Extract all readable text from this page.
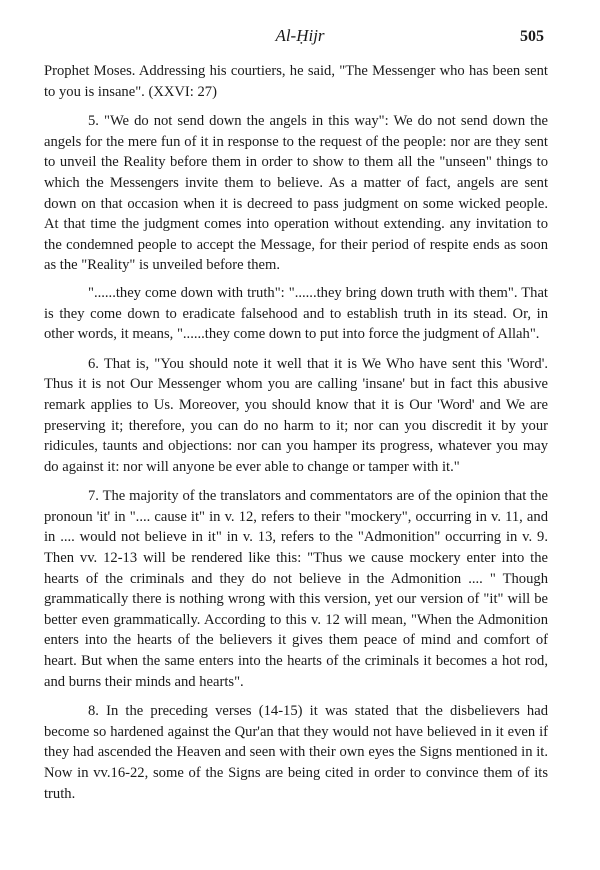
Al-Ḥijr	505

Prophet Moses. Addressing his courtiers, he said, "The Messenger who has been sent to you is insane". (XXVI: 27)

5. "We do not send down the angels in this way": We do not send down the angels for the mere fun of it in response to the request of the people: nor are they sent to unveil the Reality before them in order to show to them all the "unseen" things to which the Messengers invite them to believe. As a matter of fact, angels are sent down on that occasion when it is decreed to pass judgment on some wicked people. At that time the judgment comes into operation without extending. any invitation to the condemned people to accept the Message, for their period of respite ends as soon as the "Reality" is unveiled before them.

"......they come down with truth": "......they bring down truth with them". That is they come down to eradicate falsehood and to establish truth in its stead. Or, in other words, it means, "......they come down to put into force the judgment of Allah".

6. That is, "You should note it well that it is We Who have sent this 'Word'. Thus it is not Our Messenger whom you are calling 'insane' but in fact this abusive remark applies to Us. Moreover, you should know that it is Our 'Word' and We are preserving it; therefore, you can do no harm to it; nor can you discredit it by your ridicules, taunts and objections: nor can you hamper its progress, whatever you may do against it: nor will anyone be ever able to change or tamper with it."

7. The majority of the translators and commentators are of the opinion that the pronoun 'it' in ".... cause it" in v. 12, refers to their "mockery", occurring in v. 11, and in .... would not believe in it" in v. 13, refers to the "Admonition" occurring in v. 9. Then vv. 12-13 will be rendered like this: "Thus we cause mockery enter into the hearts of the criminals and they do not believe in the Admonition .... " Though grammatically there is nothing wrong with this version, yet our version of "it" will be better even grammatically. According to this v. 12 will mean, "When the Admonition enters into the hearts of the believers it gives them peace of mind and comfort of heart. But when the same enters into the hearts of the criminals it becomes a hot rod, and burns their minds and hearts".

8. In the preceding verses (14-15) it was stated that the disbelievers had become so hardened against the Qur'an that they would not have believed in it even if they had ascended the Heaven and seen with their own eyes the Signs mentioned in it. Now in vv.16-22, some of the Signs are being cited in order to convince them of its truth.
